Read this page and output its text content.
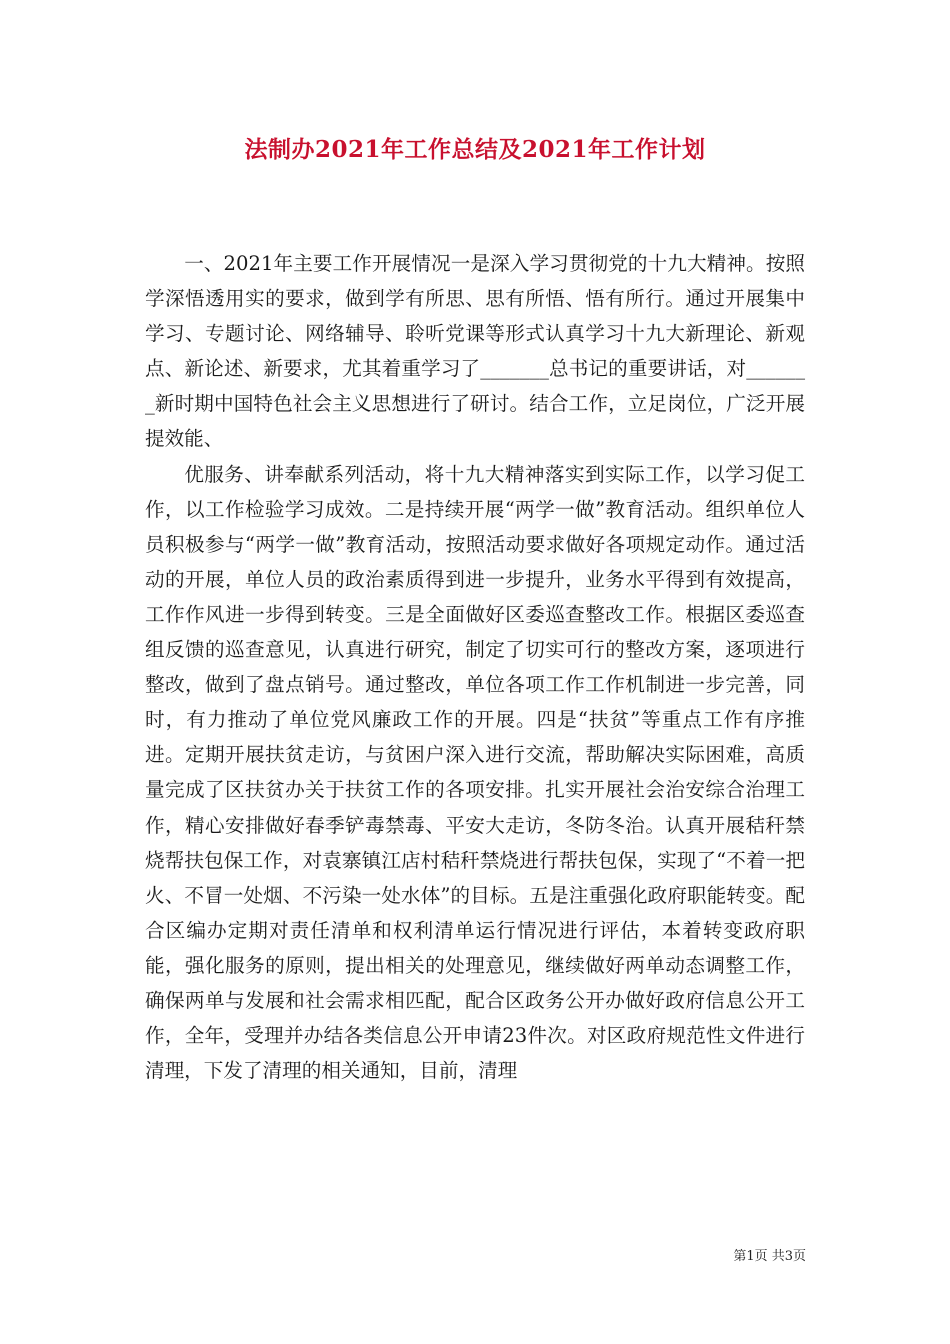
法制办2021年工作总结及2021年工作计划

一、2021年主要工作开展情况一是深入学习贯彻党的十九大精神。按照学深悟透用实的要求，做到学有所思、思有所悟、悟有所行。通过开展集中学习、专题讨论、网络辅导、聆听党课等形式认真学习十九大新理论、新观点、新论述、新要求，尤其着重学习了_______总书记的重要讲话，对_______新时期中国特色社会主义思想进行了研讨。结合工作，立足岗位，广泛开展提效能、

优服务、讲奉献系列活动，将十九大精神落实到实际工作，以学习促工作，以工作检验学习成效。二是持续开展“两学一做”教育活动。组织单位人员积极参与“两学一做”教育活动，按照活动要求做好各项规定动作。通过活动的开展，单位人员的政治素质得到进一步提升，业务水平得到有效提高，工作作风进一步得到转变。三是全面做好区委巡查整改工作。根据区委巡查组反馈的巡查意见，认真进行研究，制定了切实可行的整改方案，逐项进行整改，做到了盘点销号。通过整改，单位各项工作工作机制进一步完善，同时，有力推动了单位党风廉政工作的开展。四是“扶贫”等重点工作有序推进。定期开展扶贫走访，与贫困户深入进行交流，帮助解决实际困难，高质量完成了区扶贫办关于扶贫工作的各项安排。扎实开展社会治安综合治理工作，精心安排做好春季铲毒禁毒、平安大走访，冬防冬治。认真开展秸秆禁烧帮扶包保工作，对袁寨镇江店村秸秆禁烧进行帮扶包保，实现了“不着一把火、不冒一处烟、不污染一处水体”的目标。五是注重强化政府职能转变。配合区编办定期对责任清单和权利清单运行情况进行评估，本着转变政府职能，强化服务的原则，提出相关的处理意见，继续做好两单动态调整工作，确保两单与发展和社会需求相匹配，配合区政务公开办做好政府信息公开工作，全年，受理并办结各类信息公开申请23件次。对区政府规范性文件进行清理，下发了清理的相关通知，目前，清理

第1页 共3页
